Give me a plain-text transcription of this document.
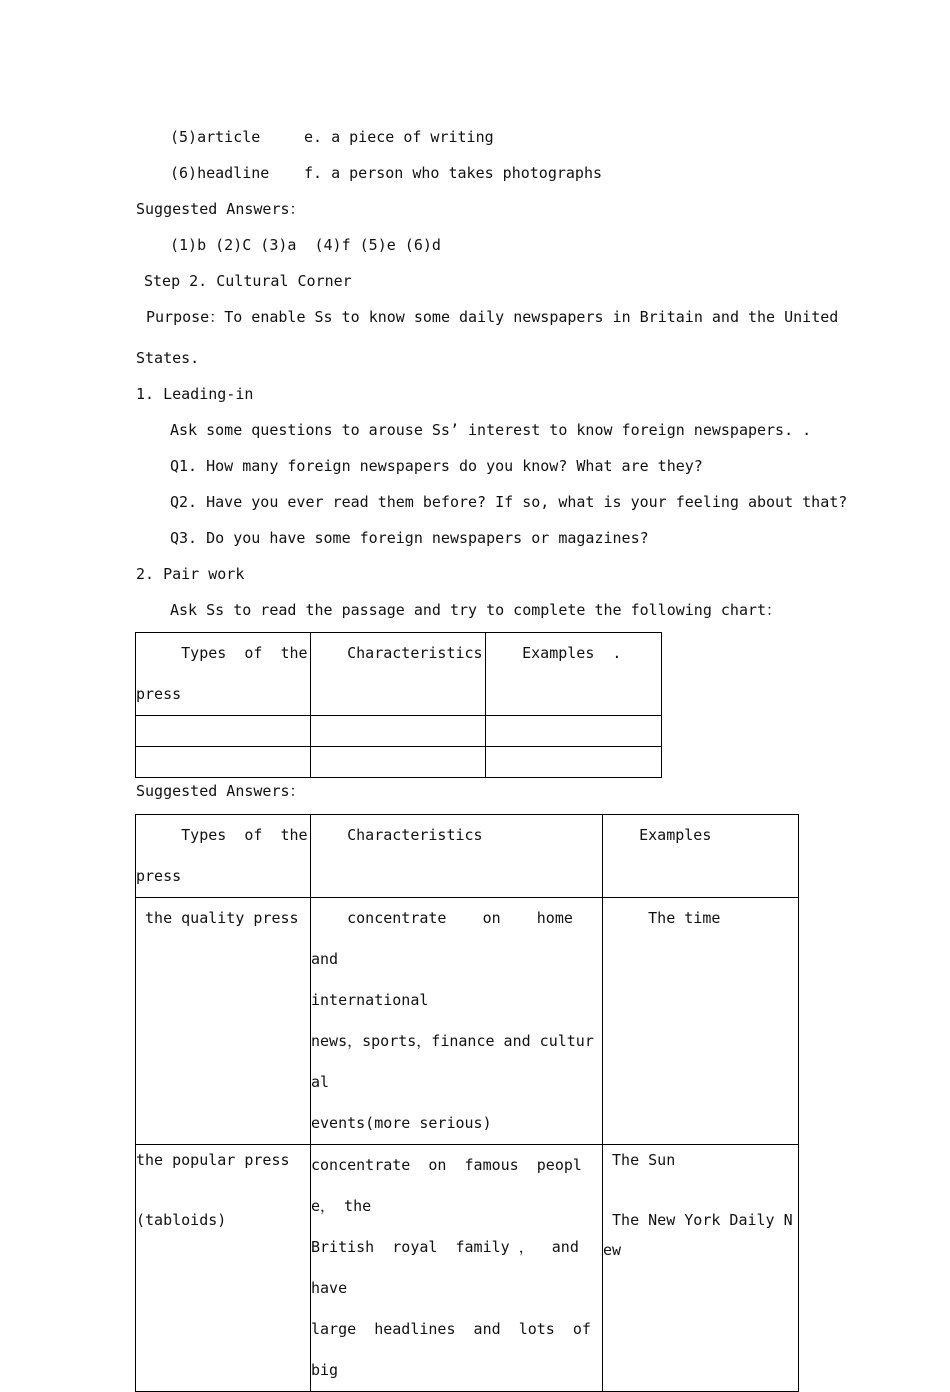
(5)article	e. a piece of writing
(6)headline f. a person who takes photographs
Suggested Answers：
(1)b (2)C (3)a  (4)f (5)e (6)d
Step 2. Cultural Corner
Purpose：To enable Ss to know some daily newspapers in Britain and the United
States.
1. Leading-in
Ask some questions to arouse Ss’ interest to know foreign newspapers. .
Q1. How many foreign newspapers do you know? What are they?
Q2. Have you ever read them before? If so, what is your feeling about that?
Q3. Do you have some foreign newspapers or magazines?
2. Pair work
Ask Ss to read the passage and try to complete the following chart：
Types  of  the
press	Characteristics	Examples  .

Suggested Answers：
Types  of  the
press	Characteristics	Examples
the quality press	concentrate    on    home    and
international
news，sports，finance and cultural
events(more serious)	The time
the popular press

(tabloids)	concentrate  on  famous  people， the
British  royal  family ，  and  have
large  headlines  and  lots  of  big	The Sun

The New York Daily New
